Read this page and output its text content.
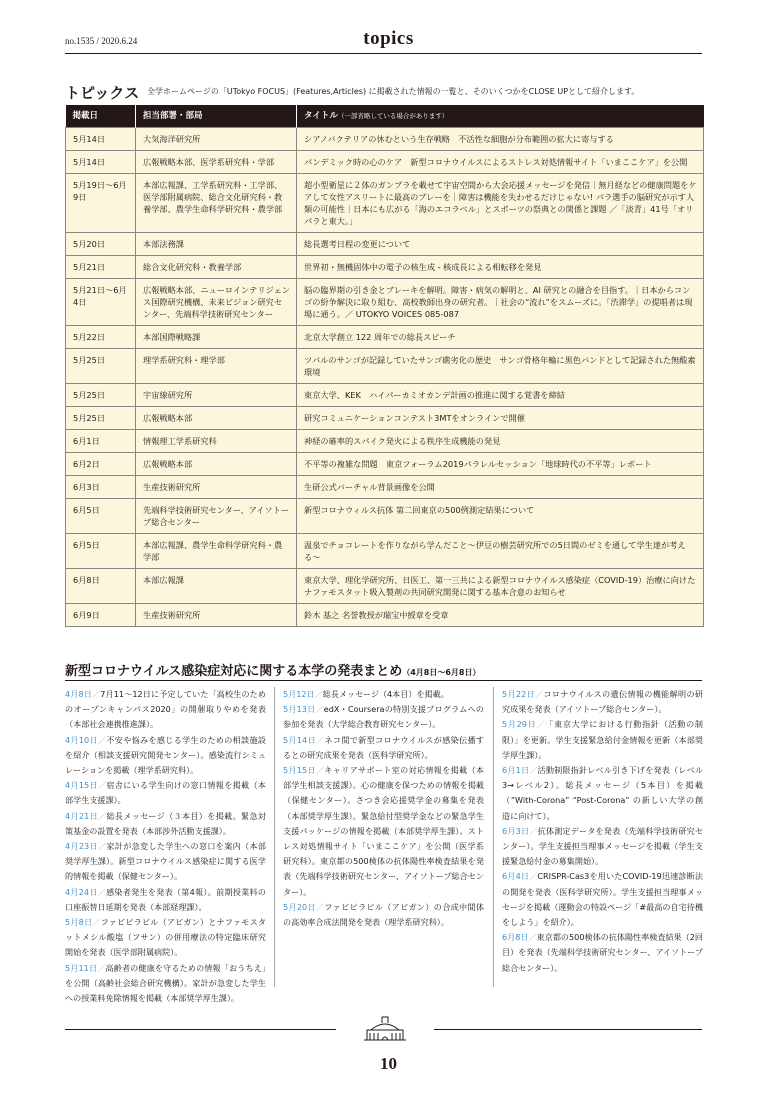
no.1535 / 2020.6.24	topics
トピックス 全学ホームページの「UTokyo FOCUS」(Features,Articles) に掲載された情報の一覧と、そのいくつかをCLOSE UPとして紹介します。
掲載日	担当部署・部局	タイトル（一部省略している場合があります）
5月14日	大気海洋研究所	シアノバクテリアの休むという生存戦略　不活性な細胞が分布範囲の拡大に寄与する
5月14日	広報戦略本部、医学系研究科・学部	パンデミック時の心のケア　新型コロナウイルスによるストレス対処情報サイト「いまここケア」を公開
5月19日〜6月9日	本部広報課、工学系研究科・工学部、医学部附属病院、総合文化研究科・教養学部、農学生命科学研究科・農学部	超小型衛星に２体のガンプラを載せて宇宙空間から大会応援メッセージを発信｜無月経などの健康問題をケアして女性アスリートに最高のプレーを｜障害は機能を失わせるだけじゃない! パラ選手の脳研究が示す人類の可能性｜日本にも広がる「海のエコラベル」とスポーツの祭典との関係と課題 ／「淡青」41号「オリパラと東大。」
5月20日	本部法務課	総長選考日程の変更について
5月21日	総合文化研究科・教養学部	世界初・無機固体中の電子の核生成 - 核成長による相転移を発見
5月21日〜6月4日	広報戦略本部、ニューロインテリジェンス国際研究機構、未来ビジョン研究センター、先端科学技術研究センター	脳の臨界期の引き金とブレーキを解明。障害・病気の解明と、AI 研究との融合を目指す。｜日本からコンゴの紛争解決に取り組む、高校教師出身の研究者。｜社会の“流れ”をスムーズに。「渋滞学」の提唱者は現場に通う。／ UTOKYO VOICES 085-087
5月22日	本部国際戦略課	北京大学創立 122 周年での総長スピーチ
5月25日	理学系研究科・理学部	ツバルのサンゴが記録していたサンゴ礁劣化の歴史　サンゴ骨格年輪に黒色バンドとして記録された無酸素環境
5月25日	宇宙線研究所	東京大学、KEK　ハイパーカミオカンデ計画の推進に関する覚書を締結
5月25日	広報戦略本部	研究コミュニケーションコンテスト3MTをオンラインで開催
6月1日	情報理工学系研究科	神経の確率的スパイク発火による秩序生成機能の発見
6月2日	広報戦略本部	不平等の複雑な問題　東京フォーラム2019パラレルセッション「地球時代の不平等」レポート
6月3日	生産技術研究所	生研公式バーチャル背景画像を公開
6月5日	先端科学技術研究センター、アイソトープ総合センター	新型コロナウィルス抗体 第二回東京の500例測定結果について
6月5日	本部広報課、農学生命科学研究科・農学部	温泉でチョコレートを作りながら学んだこと〜伊豆の樹芸研究所での5日間のゼミを通して学生達が考える〜
6月8日	本部広報課	東京大学、理化学研究所、日医工、第一三共による新型コロナウイルス感染症（COVID-19）治療に向けたナファモスタット吸入製剤の共同研究開発に関する基本合意のお知らせ
6月9日	生産技術研究所	鈴木 基之 名誉教授が瑞宝中綬章を受章
新型コロナウイルス感染症対応に関する本学の発表まとめ（4月8日〜6月8日）

4月8日／7月11〜12日に予定していた「高校生のためのオープンキャンパス2020」の開催取りやめを発表（本部社会連携推進課）。

4月10日／不安や悩みを感じる学生のための相談施設を紹介（相談支援研究開発センター）。感染流行シミュレーションを掲載（理学系研究科）。

4月15日／宿舎にいる学生向けの窓口情報を掲載（本部学生支援課）。

4月21日／総長メッセージ（３本目）を掲載。緊急対策基金の設置を発表（本部渉外活動支援課）。

4月23日／家計が急変した学生への窓口を案内（本部奨学厚生課）。新型コロナウイルス感染症に関する医学的情報を掲載（保健センター）。

4月24日／感染者発生を発表（第4報）。前期授業料の口座振替日延期を発表（本部経理課）。

5月8日／ファビピラビル（アビガン）とナファモスタットメシル酸塩（フサン）の併用療法の特定臨床研究開始を発表（医学部附属病院）。

5月11日／高齢者の健康を守るための情報「おうちえ」を公開（高齢社会総合研究機構）。家計が急変した学生への授業料免除情報を掲載（本部奨学厚生課）。

5月12日／総長メッセージ（4本目）を掲載。

5月13日／edX・Courseraの特別支援プログラムへの参加を発表（大学総合教育研究センター）。

5月14日／ネコ間で新型コロナウイルスが感染伝播するとの研究成果を発表（医科学研究所）。

5月15日／キャリアサポート室の対応情報を掲載（本部学生相談支援課）。心の健康を保つための情報を掲載（保健センター）。さつき会応援奨学金の募集を発表（本部奨学厚生課）。緊急給付型奨学金などの緊急学生支援パッケージの情報を掲載（本部奨学厚生課）。ストレス対処情報サイト「いまここケア」を公開（医学系研究科）。東京都の500検体の抗体陽性率検査結果を発表（先端科学技術研究センター、アイソトープ総合センター）。

5月20日／ファビピラビル（アビガン）の合成中間体の高効率合成法開発を発表（理学系研究科）。

5月22日／コロナウイルスの遺伝情報の機能解明の研究成果を発表（アイソトープ総合センター）。

5月29日／「東京大学における行動指針（活動の制限）」を更新。学生支援緊急給付金情報を更新（本部奨学厚生課）。

6月1日／活動制限指針レベル引き下げを発表（レベル3→レベル2）。総長メッセージ（5本目）を掲載（“With-Corona” “Post-Corona” の新しい大学の創造に向けて）。

6月3日／抗体測定データを発表（先端科学技術研究センター）。学生支援担当理事メッセージを掲載（学生支援緊急給付金の募集開始）。

6月4日／CRISPR-Cas3を用いたCOVID-19迅速診断法の開発を発表（医科学研究所）。学生支援担当理事メッセージを掲載（運動会の特設ページ「#最高の自宅待機をしよう」を紹介）。

6月8日／東京都の500検体の抗体陽性率検査結果（2回目）を発表（先端科学技術研究センター、アイソトープ総合センター）。

10
